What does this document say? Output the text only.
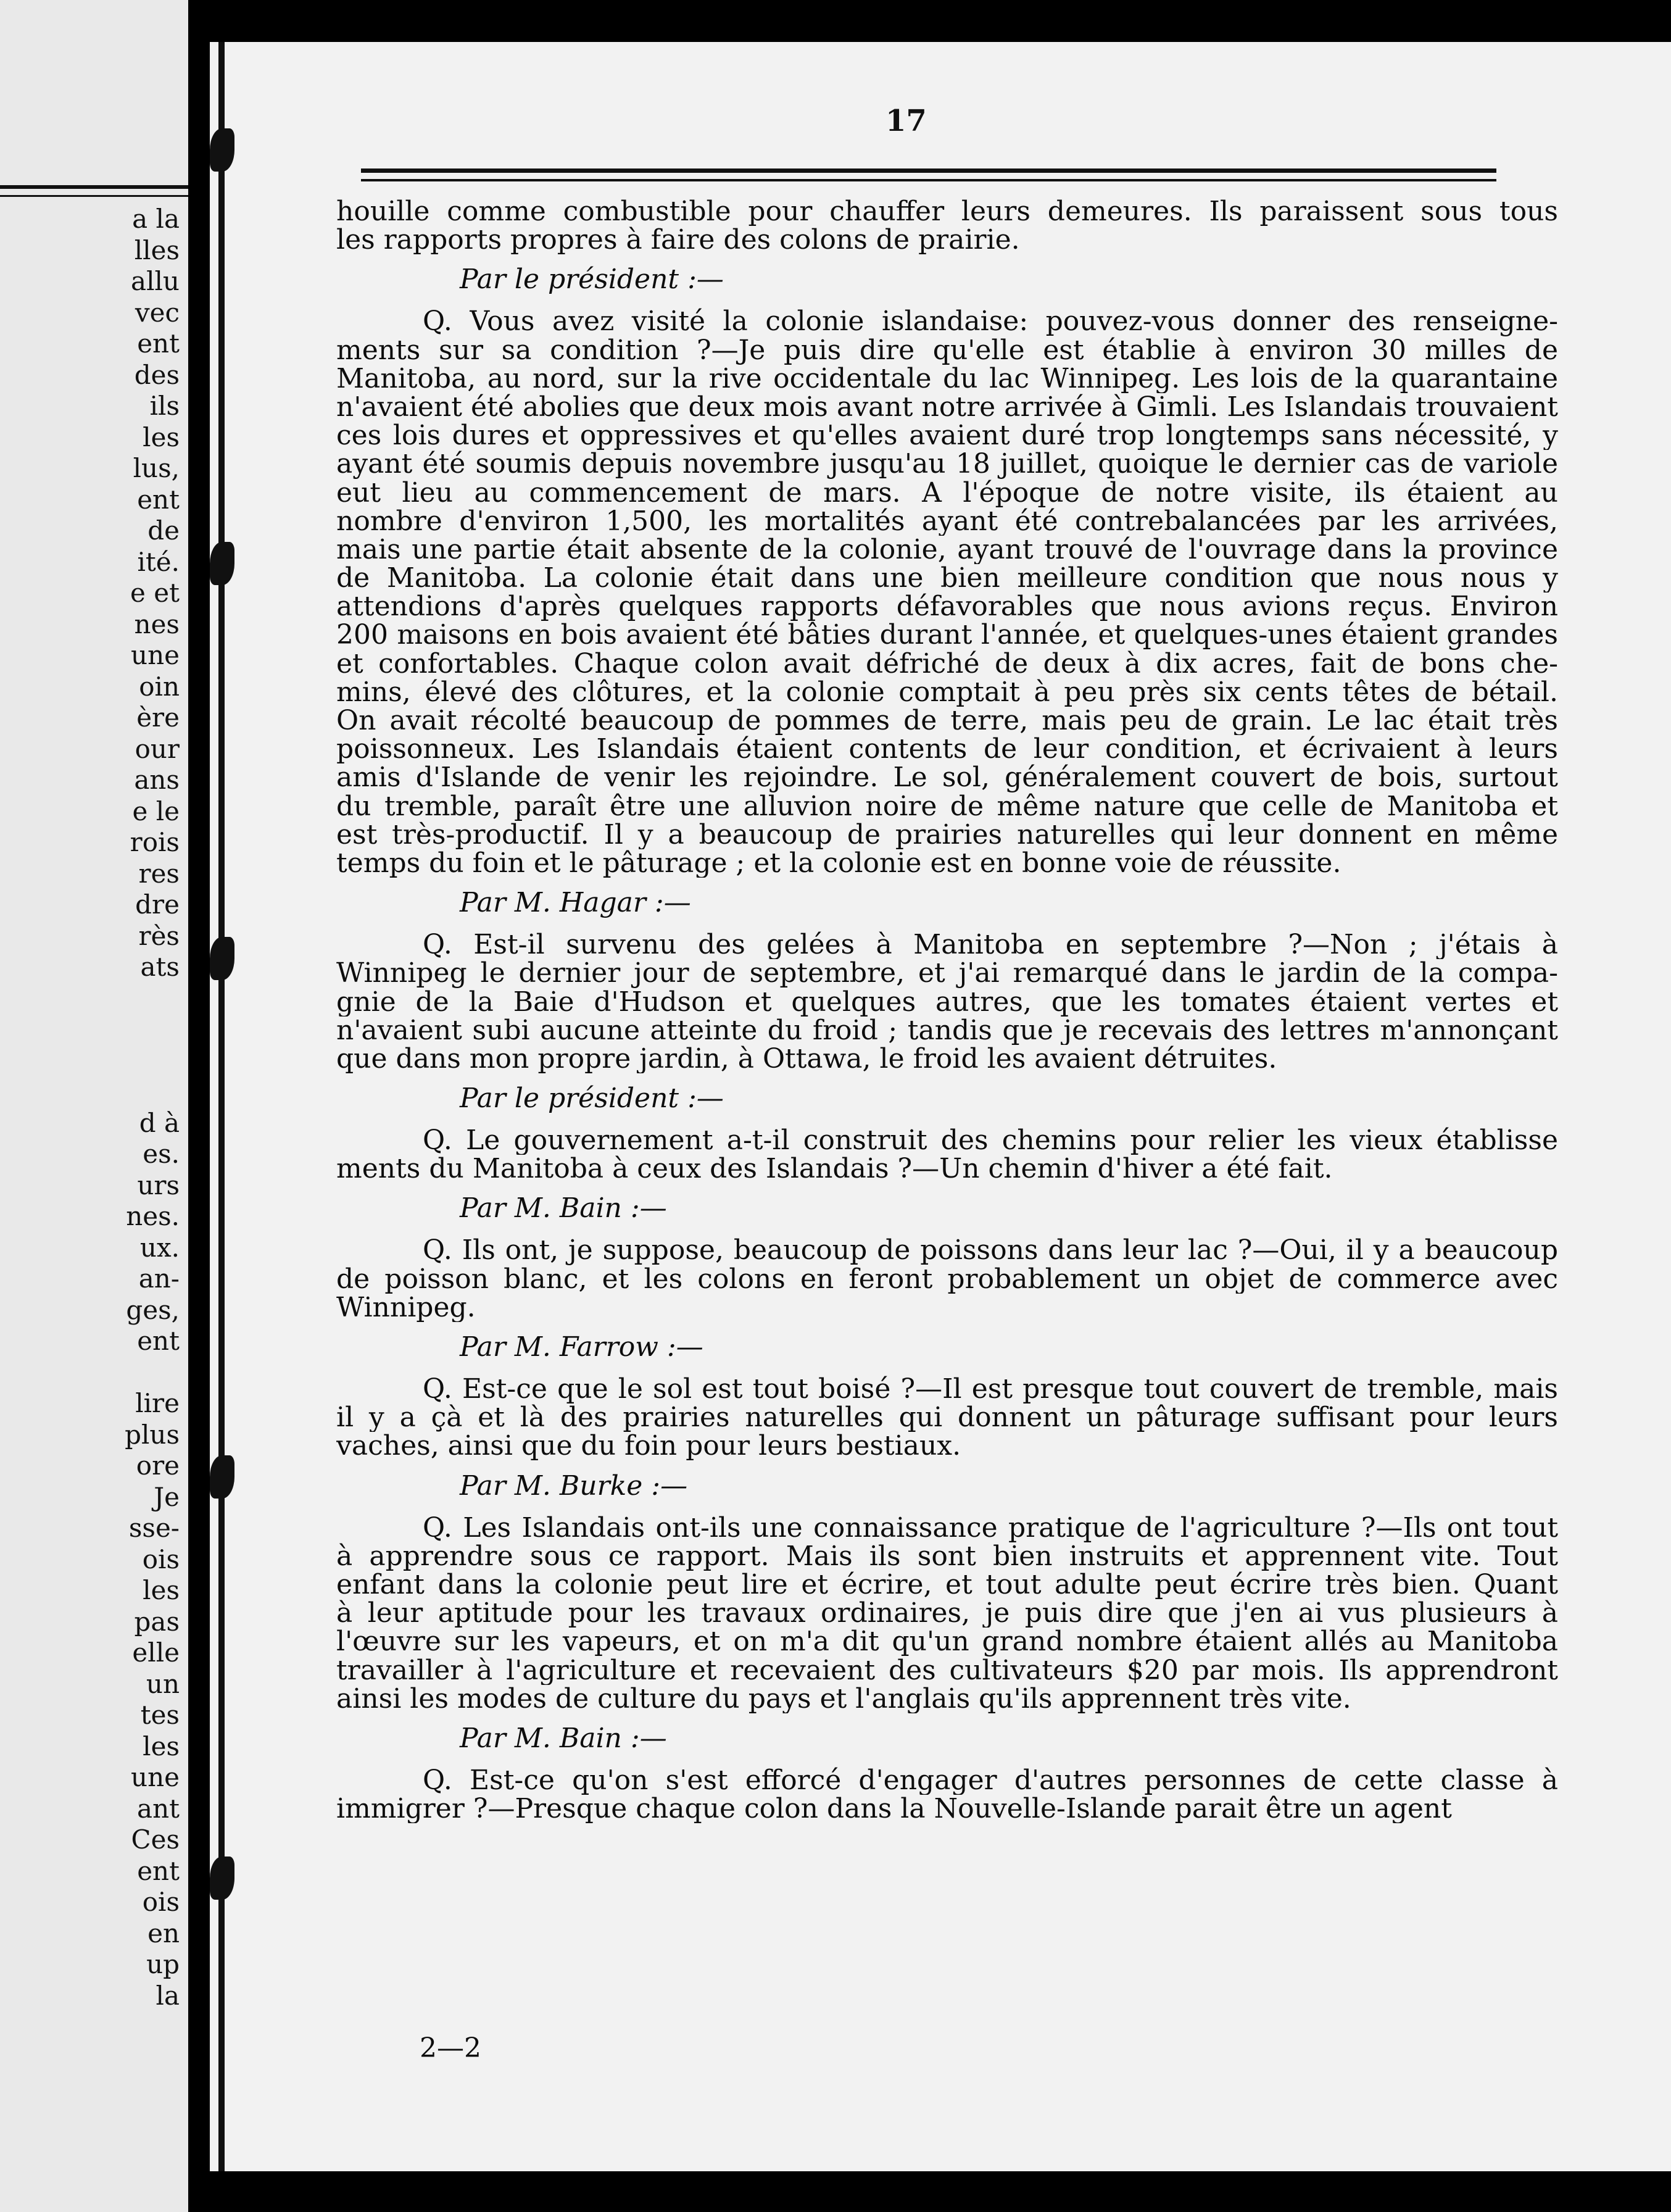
a la
lles
allu
vec
ent
des
ils
les
lus,
ent
de
ité.
e et
nes
une
oin
ère
our
ans
e le
rois
res
dre
rès
ats
d à
es.
urs
nes.
ux.
an-
ges,
ent
lire
plus
ore
Je
sse-
ois
les
pas
elle
un
tes
les
une
ant
Ces
ent
ois
en
up
la

17

houille comme combustible pour chauffer leurs demeures. Ils paraissent sous tous
les rapports propres à faire des colons de prairie.
Par le président :—
Q. Vous avez visité la colonie islandaise: pouvez-vous donner des renseigne-
ments sur sa condition ?—Je puis dire qu'elle est établie à environ 30 milles de
Manitoba, au nord, sur la rive occidentale du lac Winnipeg. Les lois de la quarantaine
n'avaient été abolies que deux mois avant notre arrivée à Gimli. Les Islandais trouvaient
ces lois dures et oppressives et qu'elles avaient duré trop longtemps sans nécessité, y
ayant été soumis depuis novembre jusqu'au 18 juillet, quoique le dernier cas de variole
eut lieu au commencement de mars. A l'époque de notre visite, ils étaient au
nombre d'environ 1,500, les mortalités ayant été contrebalancées par les arrivées,
mais une partie était absente de la colonie, ayant trouvé de l'ouvrage dans la province
de Manitoba. La colonie était dans une bien meilleure condition que nous nous y
attendions d'après quelques rapports défavorables que nous avions reçus. Environ
200 maisons en bois avaient été bâties durant l'année, et quelques-unes étaient grandes
et confortables. Chaque colon avait défriché de deux à dix acres, fait de bons che-
mins, élevé des clôtures, et la colonie comptait à peu près six cents têtes de bétail.
On avait récolté beaucoup de pommes de terre, mais peu de grain. Le lac était très
poissonneux. Les Islandais étaient contents de leur condition, et écrivaient à leurs
amis d'Islande de venir les rejoindre. Le sol, généralement couvert de bois, surtout
du tremble, paraît être une alluvion noire de même nature que celle de Manitoba et
est très-productif. Il y a beaucoup de prairies naturelles qui leur donnent en même
temps du foin et le pâturage ; et la colonie est en bonne voie de réussite.
Par M. Hagar :—
Q. Est-il survenu des gelées à Manitoba en septembre ?—Non ; j'étais à
Winnipeg le dernier jour de septembre, et j'ai remarqué dans le jardin de la compa-
gnie de la Baie d'Hudson et quelques autres, que les tomates étaient vertes et
n'avaient subi aucune atteinte du froid ; tandis que je recevais des lettres m'annonçant
que dans mon propre jardin, à Ottawa, le froid les avaient détruites.
Par le président :—
Q. Le gouvernement a-t-il construit des chemins pour relier les vieux établisse
ments du Manitoba à ceux des Islandais ?—Un chemin d'hiver a été fait.
Par M. Bain :—
Q. Ils ont, je suppose, beaucoup de poissons dans leur lac ?—Oui, il y a beaucoup
de poisson blanc, et les colons en feront probablement un objet de commerce avec
Winnipeg.
Par M. Farrow :—
Q. Est-ce que le sol est tout boisé ?—Il est presque tout couvert de tremble, mais
il y a çà et là des prairies naturelles qui donnent un pâturage suffisant pour leurs
vaches, ainsi que du foin pour leurs bestiaux.
Par M. Burke :—
Q. Les Islandais ont-ils une connaissance pratique de l'agriculture ?—Ils ont tout
à apprendre sous ce rapport. Mais ils sont bien instruits et apprennent vite. Tout
enfant dans la colonie peut lire et écrire, et tout adulte peut écrire très bien. Quant
à leur aptitude pour les travaux ordinaires, je puis dire que j'en ai vus plusieurs à
l'œuvre sur les vapeurs, et on m'a dit qu'un grand nombre étaient allés au Manitoba
travailler à l'agriculture et recevaient des cultivateurs $20 par mois. Ils apprendront
ainsi les modes de culture du pays et l'anglais qu'ils apprennent très vite.
Par M. Bain :—
Q. Est-ce qu'on s'est efforcé d'engager d'autres personnes de cette classe à
immigrer ?—Presque chaque colon dans la Nouvelle-Islande parait être un agent
2—2
